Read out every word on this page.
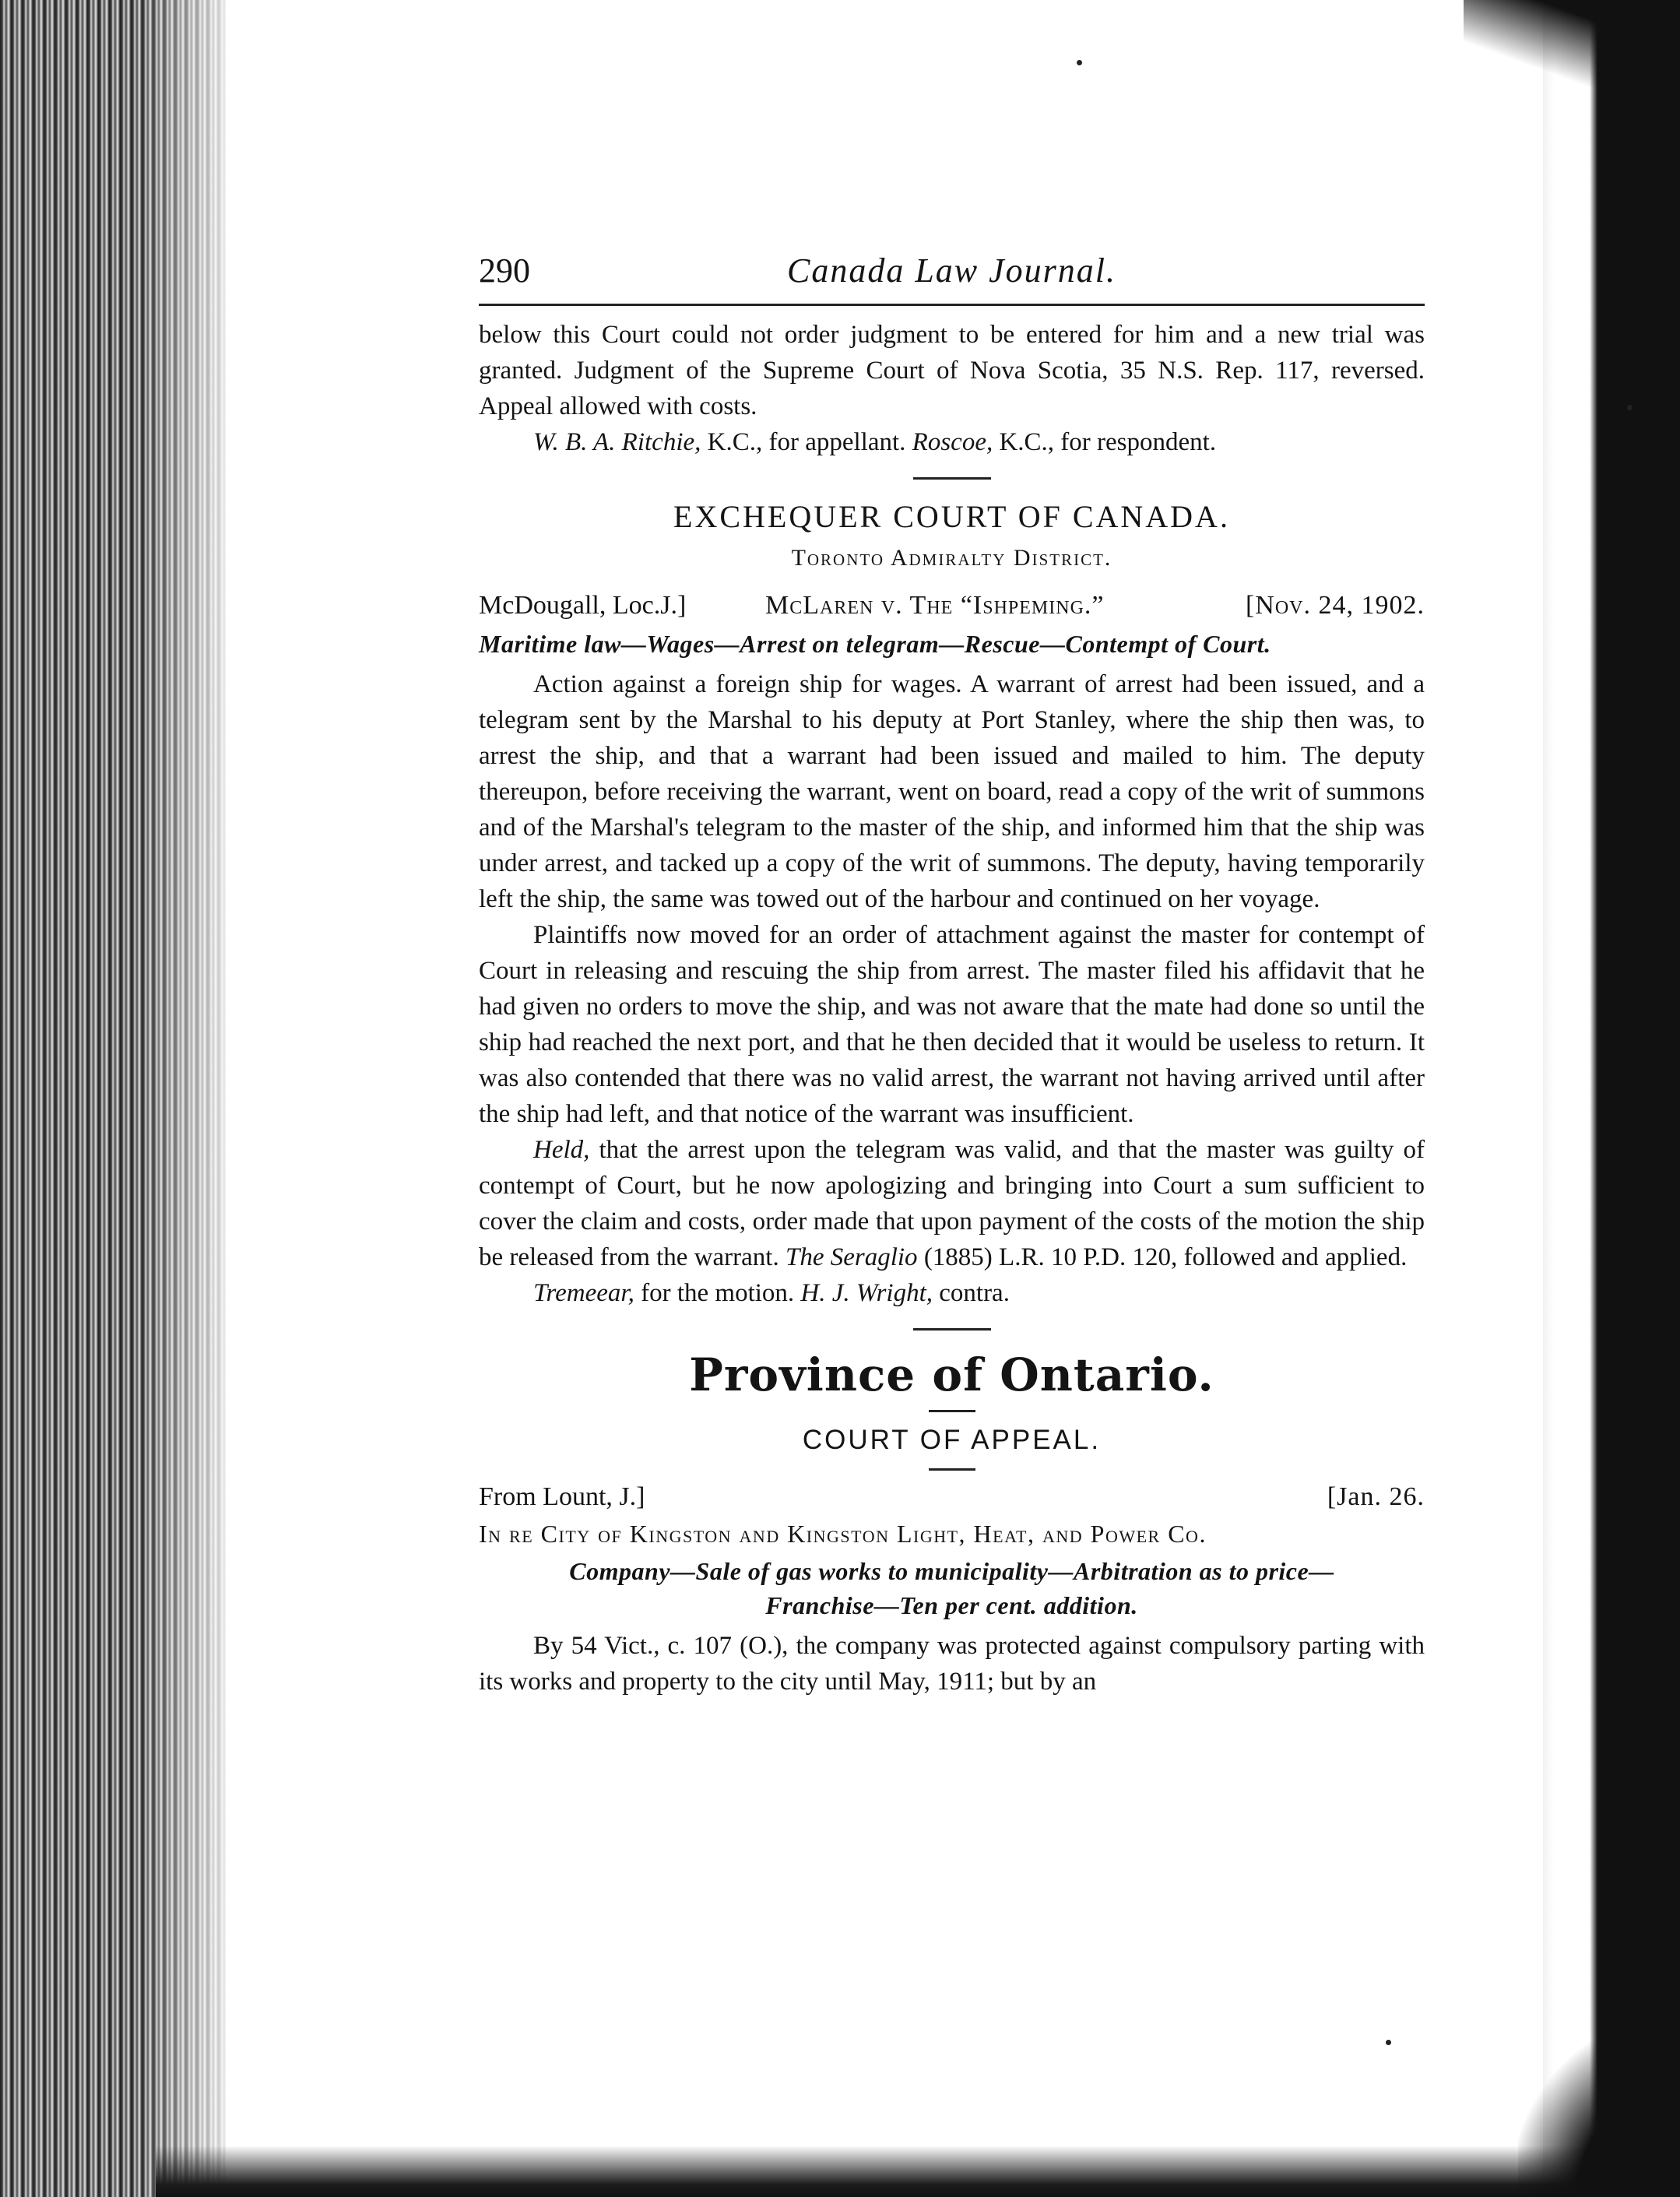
290	Canada Law Journal.

below this Court could not order judgment to be entered for him and a new trial was granted. Judgment of the Supreme Court of Nova Scotia, 35 N.S. Rep. 117, reversed. Appeal allowed with costs.

W. B. A. Ritchie, K.C., for appellant. Roscoe, K.C., for respondent.

EXCHEQUER COURT OF CANADA.
Toronto Admiralty District.
McDougall, Loc.J.]	McLaren v. The “Ishpeming.”	[Nov. 24, 1902.

Maritime law—Wages—Arrest on telegram—Rescue—Contempt of Court.

Action against a foreign ship for wages. A warrant of arrest had been issued, and a telegram sent by the Marshal to his deputy at Port Stanley, where the ship then was, to arrest the ship, and that a warrant had been issued and mailed to him. The deputy thereupon, before receiving the warrant, went on board, read a copy of the writ of summons and of the Marshal's telegram to the master of the ship, and informed him that the ship was under arrest, and tacked up a copy of the writ of summons. The deputy, having temporarily left the ship, the same was towed out of the harbour and continued on her voyage.

Plaintiffs now moved for an order of attachment against the master for contempt of Court in releasing and rescuing the ship from arrest. The master filed his affidavit that he had given no orders to move the ship, and was not aware that the mate had done so until the ship had reached the next port, and that he then decided that it would be useless to return. It was also contended that there was no valid arrest, the warrant not having arrived until after the ship had left, and that notice of the warrant was insufficient.

Held, that the arrest upon the telegram was valid, and that the master was guilty of contempt of Court, but he now apologizing and bringing into Court a sum sufficient to cover the claim and costs, order made that upon payment of the costs of the motion the ship be released from the warrant. The Seraglio (1885) L.R. 10 P.D. 120, followed and applied.

Tremeear, for the motion. H. J. Wright, contra.

Province of Ontario.
COURT OF APPEAL.
From Lount, J.]	[Jan. 26.

In re City of Kingston and Kingston Light, Heat, and Power Co.

Company—Sale of gas works to municipality—Arbitration as to price—

Franchise—Ten per cent. addition.

By 54 Vict., c. 107 (O.), the company was protected against compulsory parting with its works and property to the city until May, 1911; but by an
